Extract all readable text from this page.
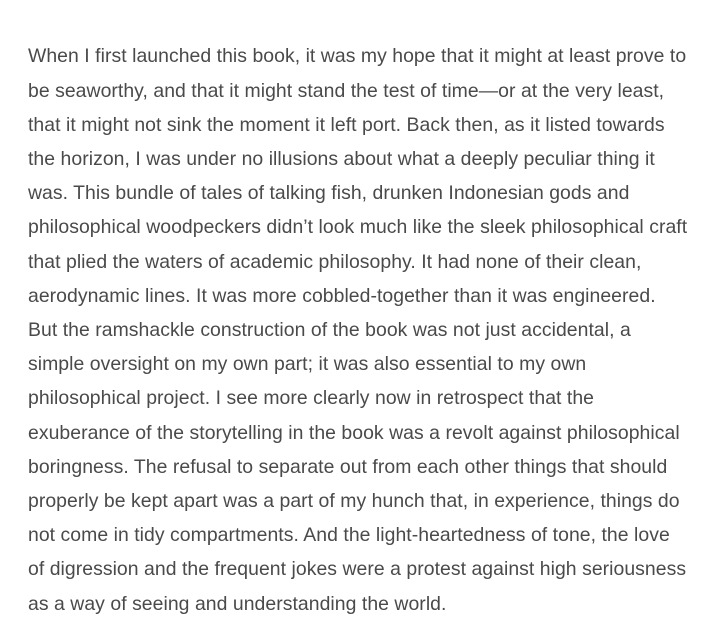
When I first launched this book, it was my hope that it might at least prove to be seaworthy, and that it might stand the test of time—or at the very least, that it might not sink the moment it left port. Back then, as it listed towards the horizon, I was under no illusions about what a deeply peculiar thing it was. This bundle of tales of talking fish, drunken Indonesian gods and philosophical woodpeckers didn’t look much like the sleek philosophical craft that plied the waters of academic philosophy. It had none of their clean, aerodynamic lines. It was more cobbled-together than it was engineered. But the ramshackle construction of the book was not just accidental, a simple oversight on my own part; it was also essential to my own philosophical project. I see more clearly now in retrospect that the exuberance of the storytelling in the book was a revolt against philosophical boringness. The refusal to separate out from each other things that should properly be kept apart was a part of my hunch that, in experience, things do not come in tidy compartments. And the light-heartedness of tone, the love of digression and the frequent jokes were a protest against high seriousness as a way of seeing and understanding the world.
